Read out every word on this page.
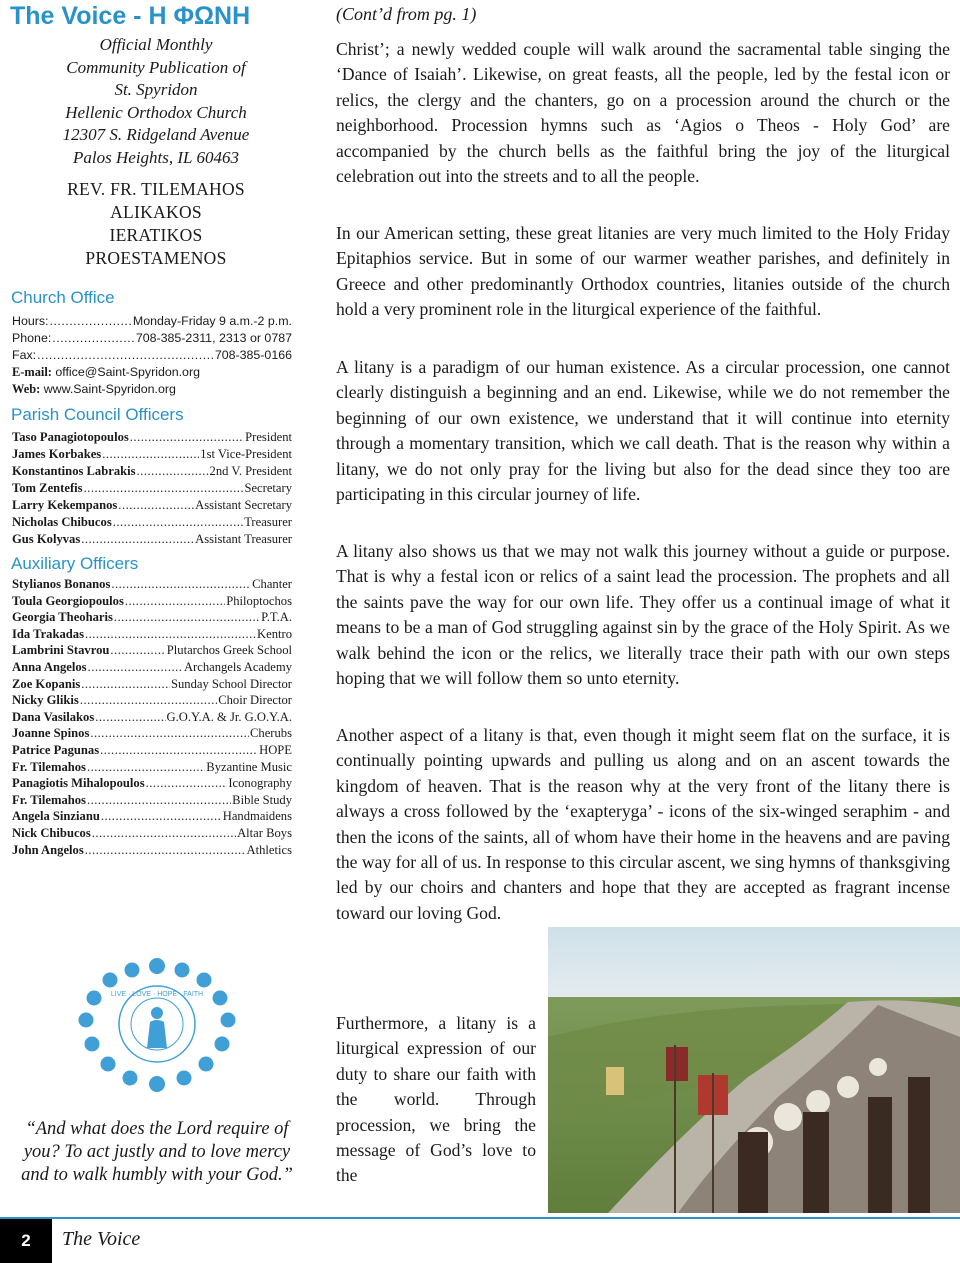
The Voice - Η ΦΩΝΗ
Official Monthly
Community Publication of
St. Spyridon
Hellenic Orthodox Church
12307 S. Ridgeland Avenue
Palos Heights, IL 60463
REV. FR. TILEMAHOS
ALIKAKOS
IERATIKOS
PROESTAMENOS
Church Office
Hours: .....	Monday-Friday 9 a.m.-2 p.m.
Phone: .....	708-385-2311, 2313 or 0787
Fax: .....	708-385-0166
E-mail:
office@Saint-Spyridon.org
Web:
www.Saint-Spyridon.org
Parish Council Officers
Taso Panagiotopoulos .....	President
James Korbakes .....	1st Vice-President
Konstantinos Labrakis .....	2nd V. President
Tom Zentefis .....	Secretary
Larry Kekempanos .....	Assistant Secretary
Nicholas Chibucos .....	Treasurer
Gus Kolyvas .....	Assistant Treasurer
Auxiliary Officers
Stylianos Bonanos .....	Chanter
Toula Georgiopoulos .....	Philoptochos
Georgia Theoharis .....	P.T.A.
Ida Trakadas .....	Kentro
Lambrini Stavrou .....	Plutarchos Greek School
Anna Angelos .....	Archangels Academy
Zoe Kopanis .....	Sunday School Director
Nicky Glikis .....	Choir Director
Dana Vasilakos .....	G.O.Y.A. & Jr. G.O.Y.A.
Joanne Spinos .....	Cherubs
Patrice Pagunas .....	HOPE
Fr. Tilemahos .....	Byzantine Music
Panagiotis Mihalopoulos .....	Iconography
Fr. Tilemahos .....	Bible Study
Angela Sinzianu .....	Handmaidens
Nick Chibucos .....	Altar Boys
John Angelos .....	Athletics
LIVE · LOVE · HOPE · FAITH
“And what does the Lord require of you? To act justly and to love mercy and to walk humbly with your God.”
(Cont’d from pg. 1)

Christ’; a newly wedded couple will walk around the sacramental table singing the ‘Dance of Isaiah’. Likewise, on great feasts, all the people, led by the festal icon or relics, the clergy and the chanters, go on a procession around the church or the neighborhood. Procession hymns such as ‘Agios o Theos - Holy God’ are accompanied by the church bells as the faithful bring the joy of the liturgical celebration out into the streets and to all the people.

In our American setting, these great litanies are very much limited to the Holy Friday Epitaphios service. But in some of our warmer weather parishes, and definitely in Greece and other predominantly Orthodox countries, litanies outside of the church hold a very prominent role in the liturgical experience of the faithful.

A litany is a paradigm of our human existence. As a circular procession, one cannot clearly distinguish a beginning and an end. Likewise, while we do not remember the beginning of our own existence, we understand that it will continue into eternity through a momentary transition, which we call death. That is the reason why within a litany, we do not only pray for the living but also for the dead since they too are participating in this circular journey of life.

A litany also shows us that we may not walk this journey without a guide or purpose. That is why a festal icon or relics of a saint lead the procession. The prophets and all the saints pave the way for our own life. They offer us a continual image of what it means to be a man of God struggling against sin by the grace of the Holy Spirit. As we walk behind the icon or the relics, we literally trace their path with our own steps hoping that we will follow them so unto eternity.

Another aspect of a litany is that, even though it might seem flat on the surface, it is continually pointing upwards and pulling us along and on an ascent towards the kingdom of heaven. That is the reason why at the very front of the litany there is always a cross followed by the ‘exapteryga’ - icons of the six-winged seraphim - and then the icons of the saints, all of whom have their home in the heavens and are paving the way for all of us. In response to this circular ascent, we sing hymns of thanksgiving led by our choirs and chanters and hope that they are accepted as fragrant incense toward our loving God.

Furthermore, a litany is a liturgical expression of our duty to share our faith with the world. Through procession, we bring the message of God’s love to the

2	The Voice
